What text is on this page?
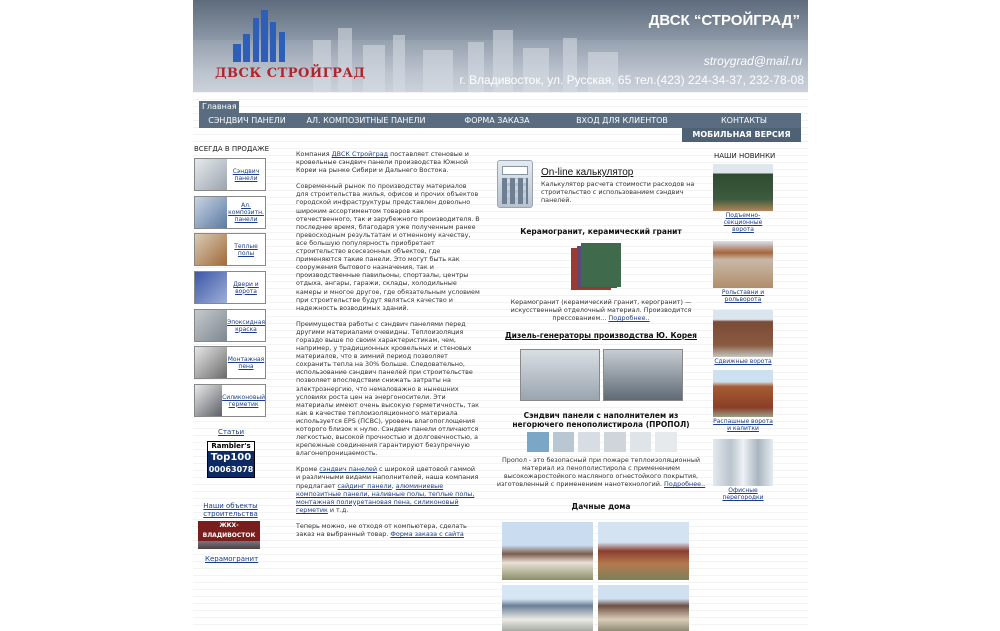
ДВСК СТРОЙГРАД
ДВСК “СТРОЙГРАД”
stroygrad@mail.ru
г. Владивосток, ул. Русская, 65 тел.(423) 224-34-37, 232-78-08
Главная
СЭНДВИЧ ПАНЕЛИ	АЛ. КОМПОЗИТНЫЕ ПАНЕЛИ	ФОРМА ЗАКАЗА	ВХОД ДЛЯ КЛИЕНТОВ	КОНТАКТЫ
МОБИЛЬНАЯ ВЕРСИЯ
ВСЕГДА В ПРОДАЖЕ
Сэндвич панели
Ал. композитн. панели
Теплые полы
Двери и ворота
Эпоксидная краска
Монтажная пена
Силиконовый герметик
Статьи
Rambler's
Top100
00063078
Наши объекты строительства
ЖКХ-ВЛАДИВОСТОК
Керамогранит

Компания ДВСК Стройград поставляет стеновые и кровельные сэндвич панели производства Южной Кореи на рынке Сибири и Дальнего Востока.

Современный рынок по производству материалов для строительства жилья, офисов и прочих объектов городской инфраструктуры представлен довольно широким ассортиментом товаров как отечественного, так и зарубежного производителя. В последнее время, благодаря уже полученным ранее превосходным результатам и отменному качеству, все большую популярность приобретает строительство всесезонных объектов, где применяются такие панели. Это могут быть как сооружения бытового назначения, так и производственные павильоны, спортзалы, центры отдыха, ангары, гаражи, склады, холодильные камеры и многое другое, где обязательным условием при строительстве будут являться качество и надежность возводимых зданий.

Преимущества работы с сэндвич панелями перед другими материалами очевидны. Теплоизоляция гораздо выше по своим характеристикам, чем, например, у традиционных кровельных и стеновых материалов, что в зимний период позволяет сохранить тепла на 30% больше. Следовательно, использование сэндвич панелей при строительстве позволяет впоследствии снижать затраты на электроэнергию, что немаловажно в нынешних условиях роста цен на энергоносители. Эти материалы имеют очень высокую герметичность, так как в качестве теплоизоляционного материала используется EPS (ПСВС), уровень влагопоглощения которого близок к нулю. Сэндвич панели отличаются легкостью, высокой прочностью и долговечностью, а крепежные соединения гарантируют безупречную влагонепроницаемость.

Кроме сэндвич панелей с широкой цветовой гаммой и различными видами наполнителей, наша компания предлагает сайдинг панели, алюминиевые композитные панели, наливные полы, теплые полы, монтажная полиуретановая пена, силиконовый герметик и т.д.

Теперь можно, не отходя от компьютера, сделать заказ на выбранный товар. Форма заказа с сайта

On-line калькулятор
Калькулятор расчета стоимости расходов на строительство с использованием сэндвич панелей.
Керамогранит, керамический гранит
Керамогранит (керамический гранит, керогранит) — искусственный отделочный материал. Производится прессованием... Подробнее..
Дизель-генераторы производства Ю. Корея
Сэндвич панели с наполнителем из негорючего пенополистирола (ПРОПОЛ)
Пропол - это безопасный при пожаре теплоизоляционный материал из пенополистирола с применением высокожаростойкого масляного огнестойкого покрытия, изготовленный с применением нанотехнологий. Подробнее..
Дачные дома
НАШИ НОВИНКИ
Подъемно-секционные ворота
Рольставни и рольворота
Сдвижные ворота
Распашные ворота и калитки
Офисные перегородки
